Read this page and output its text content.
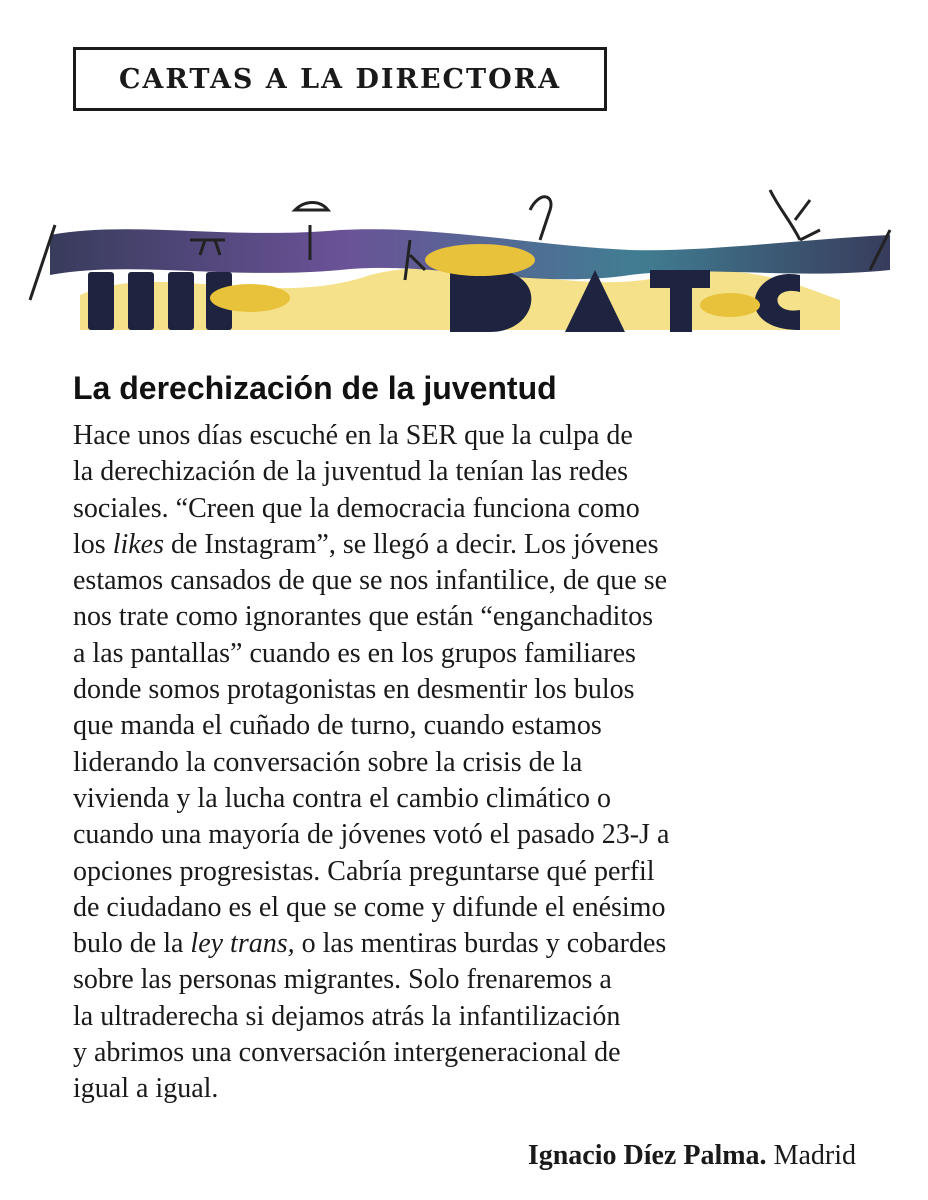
CARTAS A LA DIRECTORA
La derechización de la juventud
Hace unos días escuché en la SER que la culpa de
la derechización de la juventud la tenían las redes
sociales. “Creen que la democracia funciona como
los likes de Instagram”, se llegó a decir. Los jóvenes
estamos cansados de que se nos infantilice, de que se
nos trate como ignorantes que están “enganchaditos
a las pantallas” cuando es en los grupos familiares
donde somos protagonistas en desmentir los bulos
que manda el cuñado de turno, cuando estamos
liderando la conversación sobre la crisis de la
vivienda y la lucha contra el cambio climático o
cuando una mayoría de jóvenes votó el pasado 23-J a
opciones progresistas. Cabría preguntarse qué perfil
de ciudadano es el que se come y difunde el enésimo
bulo de la ley trans, o las mentiras burdas y cobardes
sobre las personas migrantes. Solo frenaremos a
la ultraderecha si dejamos atrás la infantilización
y abrimos una conversación intergeneracional de
igual a igual.

Ignacio Díez Palma. Madrid
